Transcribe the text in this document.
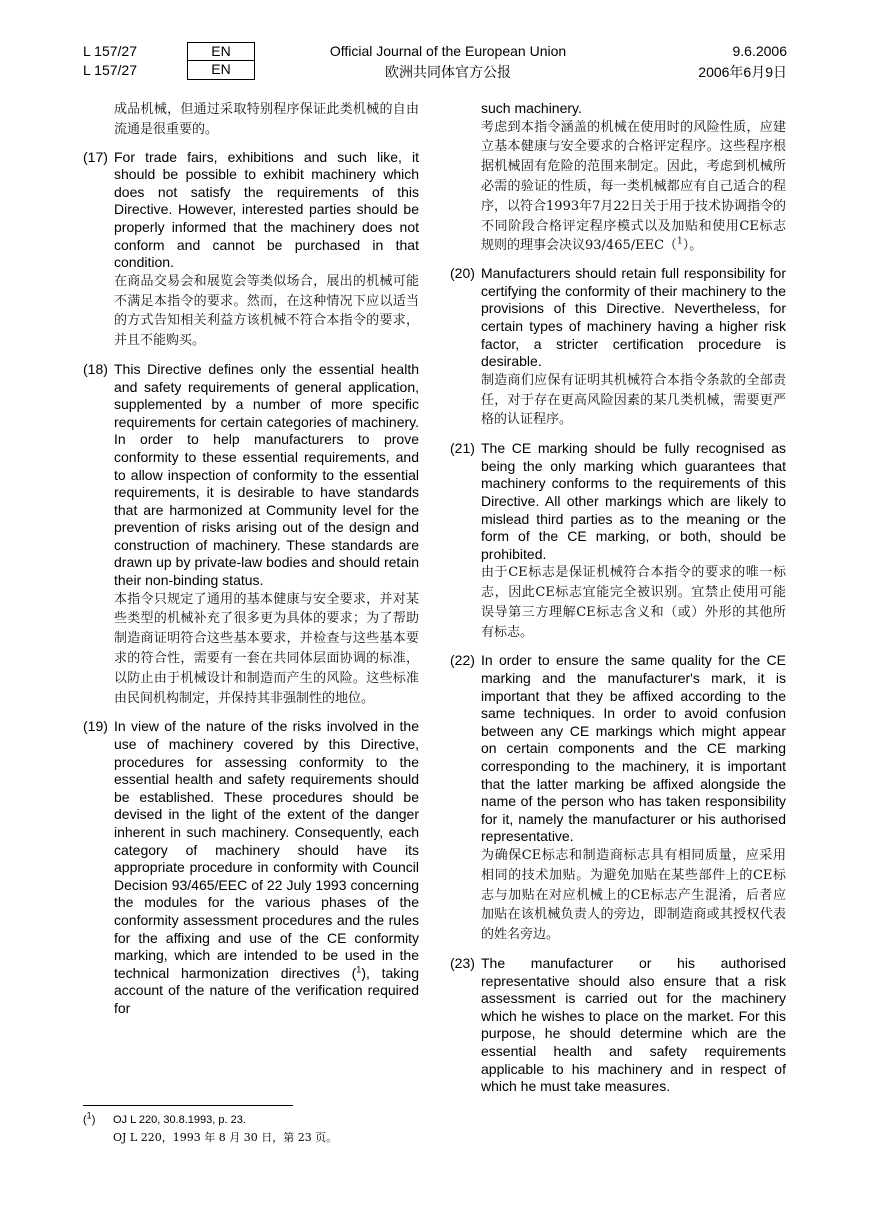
L 157/27	EN	Official Journal of the European Union	9.6.2006
L 157/27	EN	欧洲共同体官方公报	2006年6月9日
成品机械，但通过采取特别程序保证此类机械的自由流通是很重要的。
(17) For trade fairs, exhibitions and such like, it should be possible to exhibit machinery which does not satisfy the requirements of this Directive. However, interested parties should be properly informed that the machinery does not conform and cannot be purchased in that condition.
在商品交易会和展览会等类似场合，展出的机械可能不满足本指令的要求。然而，在这种情况下应以适当的方式告知相关利益方该机械不符合本指令的要求，并且不能购买。
(18) This Directive defines only the essential health and safety requirements of general application, supplemented by a number of more specific requirements for certain categories of machinery. In order to help manufacturers to prove conformity to these essential requirements, and to allow inspection of conformity to the essential requirements, it is desirable to have standards that are harmonized at Community level for the prevention of risks arising out of the design and construction of machinery. These standards are drawn up by private-law bodies and should retain their non-binding status.
本指令只规定了通用的基本健康与安全要求，并对某些类型的机械补充了很多更为具体的要求；为了帮助制造商证明符合这些基本要求，并检查与这些基本要求的符合性，需要有一套在共同体层面协调的标准，以防止由于机械设计和制造而产生的风险。这些标准由民间机构制定，并保持其非强制性的地位。
(19) In view of the nature of the risks involved in the use of machinery covered by this Directive, procedures for assessing conformity to the essential health and safety requirements should be established. These procedures should be devised in the light of the extent of the danger inherent in such machinery. Consequently, each category of machinery should have its appropriate procedure in conformity with Council Decision 93/465/EEC of 22 July 1993 concerning the modules for the various phases of the conformity assessment procedures and the rules for the affixing and use of the CE conformity marking, which are intended to be used in the technical harmonization directives ($^1$), taking account of the nature of the verification required for
such machinery.
考虑到本指令涵盖的机械在使用时的风险性质，应建立基本健康与安全要求的合格评定程序。这些程序根据机械固有危险的范围来制定。因此，考虑到机械所必需的验证的性质，每一类机械都应有自己适合的程序，以符合1993年7月22日关于用于技术协调指令的不同阶段合格评定程序模式以及加贴和使用CE标志规则的理事会决议93/465/EEC（$^1$）。
(20) Manufacturers should retain full responsibility for certifying the conformity of their machinery to the provisions of this Directive. Nevertheless, for certain types of machinery having a higher risk factor, a stricter certification procedure is desirable.
制造商们应保有证明其机械符合本指令条款的全部责任，对于存在更高风险因素的某几类机械，需要更严格的认证程序。
(21) The CE marking should be fully recognised as being the only marking which guarantees that machinery conforms to the requirements of this Directive. All other markings which are likely to mislead third parties as to the meaning or the form of the CE marking, or both, should be prohibited.
由于CE标志是保证机械符合本指令的要求的唯一标志，因此CE标志宜能完全被识别。宜禁止使用可能误导第三方理解CE标志含义和（或）外形的其他所有标志。
(22) In order to ensure the same quality for the CE marking and the manufacturer's mark, it is important that they be affixed according to the same techniques. In order to avoid confusion between any CE markings which might appear on certain components and the CE marking corresponding to the machinery, it is important that the latter marking be affixed alongside the name of the person who has taken responsibility for it, namely the manufacturer or his authorised representative.
为确保CE标志和制造商标志具有相同质量，应采用相同的技术加贴。为避免加贴在某些部件上的CE标志与加贴在对应机械上的CE标志产生混淆，后者应加贴在该机械负责人的旁边，即制造商或其授权代表的姓名旁边。
(23) The manufacturer or his authorised representative should also ensure that a risk assessment is carried out for the machinery which he wishes to place on the market. For this purpose, he should determine which are the essential health and safety requirements applicable to his machinery and in respect of which he must take measures.
($^1$) OJ L 220, 30.8.1993, p. 23.
OJ L 220，1993 年 8 月 30 日，第 23 页。
